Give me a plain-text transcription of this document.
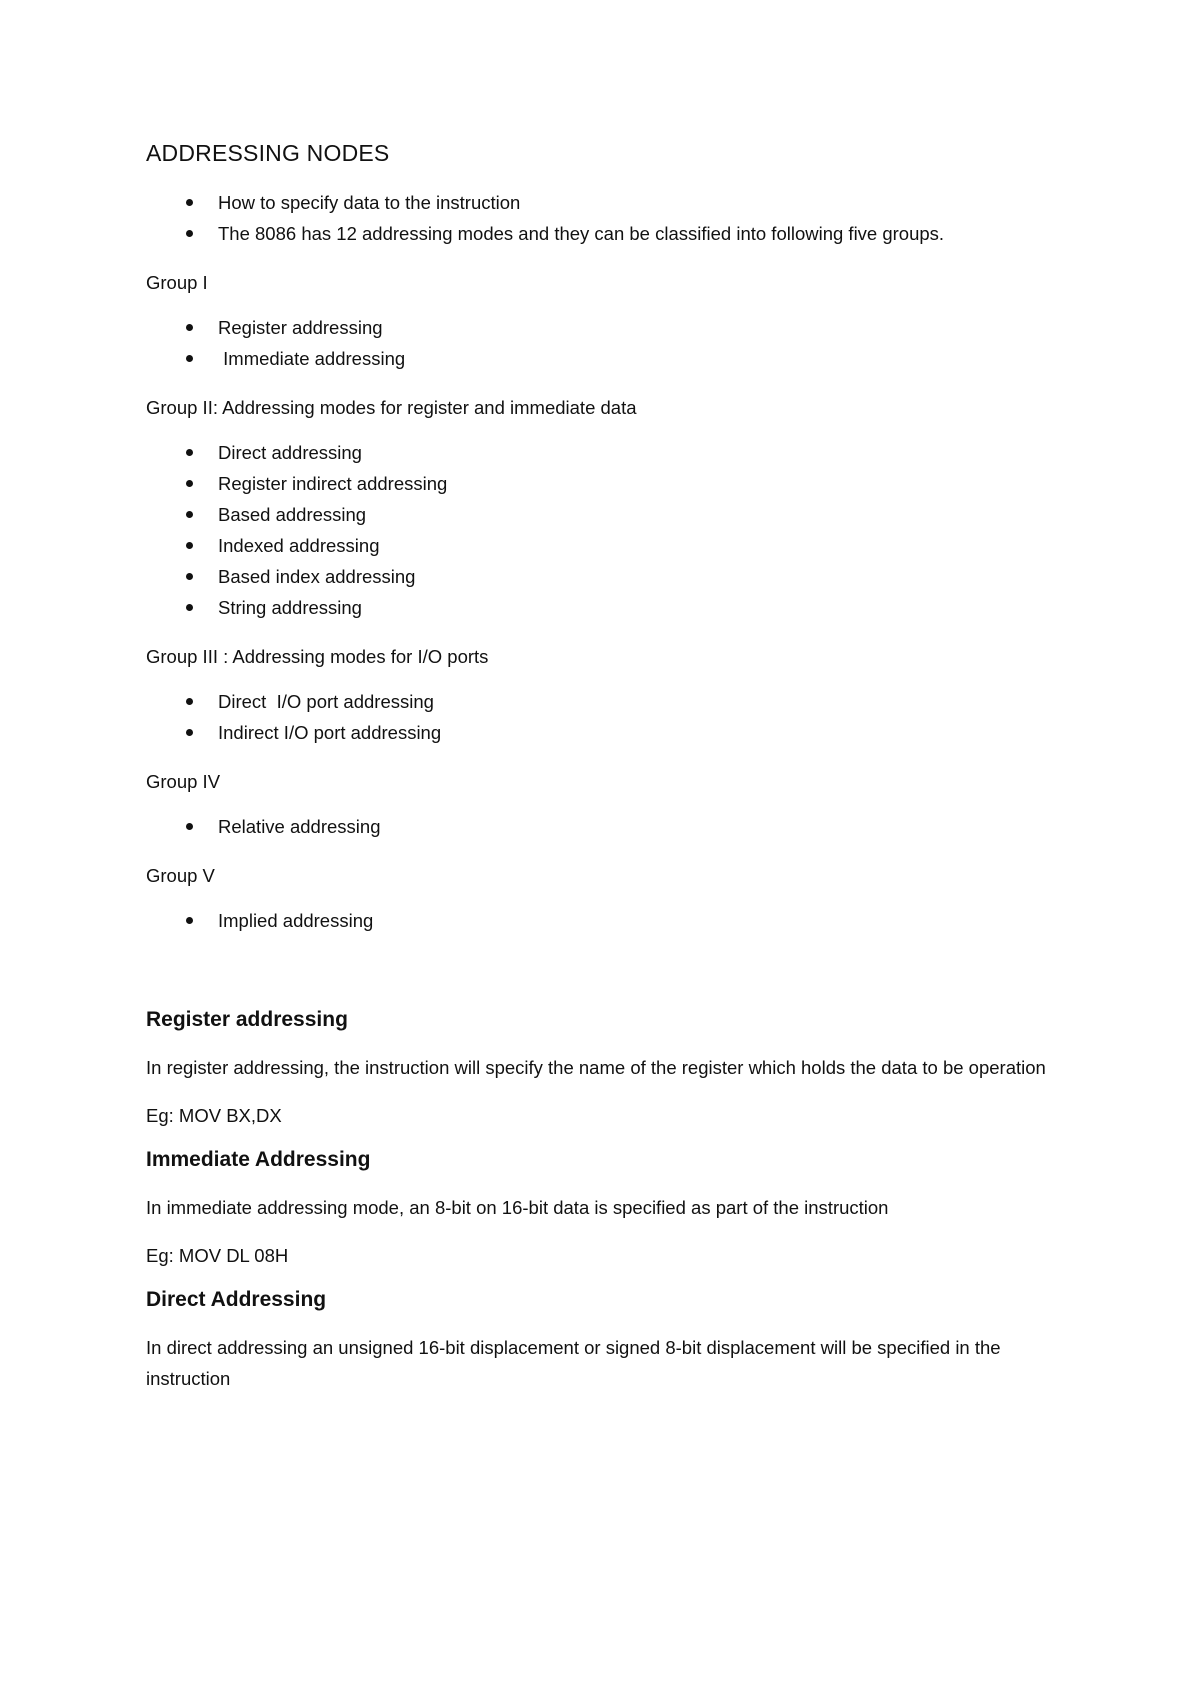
ADDRESSING NODES
How to specify data to the instruction
The 8086 has 12 addressing modes and they can be classified into following five groups.
Group I
Register addressing
Immediate addressing
Group II: Addressing modes for register and immediate data
Direct addressing
Register indirect addressing
Based addressing
Indexed addressing
Based index addressing
String addressing
Group III : Addressing modes for I/O ports
Direct  I/O port addressing
Indirect I/O port addressing
Group IV
Relative addressing
Group V
Implied addressing
Register addressing

In register addressing, the instruction will specify the name of the register which holds the data to be operation

Eg: MOV BX,DX

Immediate Addressing

In immediate addressing mode, an 8-bit on 16-bit data is specified as part of the instruction

Eg: MOV DL 08H

Direct Addressing

In direct addressing an unsigned 16-bit displacement or signed 8-bit displacement will be specified in the instruction
